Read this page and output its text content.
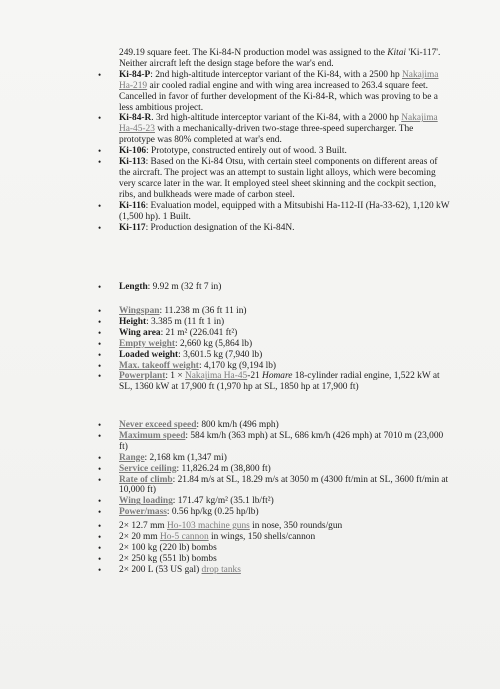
249.19 square feet. The Ki-84-N production model was assigned to the Kitai 'Ki-117'. Neither aircraft left the design stage before the war's end.

• Ki-84-P: 2nd high-altitude interceptor variant of the Ki-84, with a 2500 hp Nakajima Ha-219 air cooled radial engine and with wing area increased to 263.4 square feet. Cancelled in favor of further development of the Ki-84-R, which was proving to be a less ambitious project.
• Ki-84-R. 3rd high-altitude interceptor variant of the Ki-84, with a 2000 hp Nakajima Ha-45-23 with a mechanically-driven two-stage three-speed supercharger. The prototype was 80% completed at war's end.
• Ki-106: Prototype, constructed entirely out of wood. 3 Built.
• Ki-113: Based on the Ki-84 Otsu, with certain steel components on different areas of the aircraft. The project was an attempt to sustain light alloys, which were becoming very scarce later in the war. It employed steel sheet skinning and the cockpit section, ribs, and bulkheads were made of carbon steel.
• Ki-116: Evaluation model, equipped with a Mitsubishi Ha-112-II (Ha-33-62), 1,120 kW (1,500 hp). 1 Built.
• Ki-117: Production designation of the Ki-84N.
• Length: 9.92 m (32 ft 7 in)
• Wingspan: 11.238 m (36 ft 11 in)
• Height: 3.385 m (11 ft 1 in)
• Wing area: 21 m² (226.041 ft²)
• Empty weight: 2,660 kg (5,864 lb)
• Loaded weight: 3,601.5 kg (7,940 lb)
• Max. takeoff weight: 4,170 kg (9,194 lb)
• Powerplant: 1 × Nakajima Ha-45-21 Homare 18-cylinder radial engine, 1,522 kW at SL, 1360 kW at 17,900 ft (1,970 hp at SL, 1850 hp at 17,900 ft)
• Never exceed speed: 800 km/h (496 mph)
• Maximum speed: 584 km/h (363 mph) at SL, 686 km/h (426 mph) at 7010 m (23,000 ft)
• Range: 2,168 km (1,347 mi)
• Service ceiling: 11,826.24 m (38,800 ft)
• Rate of climb: 21.84 m/s at SL, 18.29 m/s at 3050 m (4300 ft/min at SL, 3600 ft/min at 10,000 ft)
• Wing loading: 171.47 kg/m² (35.1 lb/ft²)
• Power/mass: 0.56 hp/kg (0.25 hp/lb)
• 2× 12.7 mm Ho-103 machine guns in nose, 350 rounds/gun
• 2× 20 mm Ho-5 cannon in wings, 150 shells/cannon
• 2× 100 kg (220 lb) bombs
• 2× 250 kg (551 lb) bombs
• 2× 200 L (53 US gal) drop tanks
